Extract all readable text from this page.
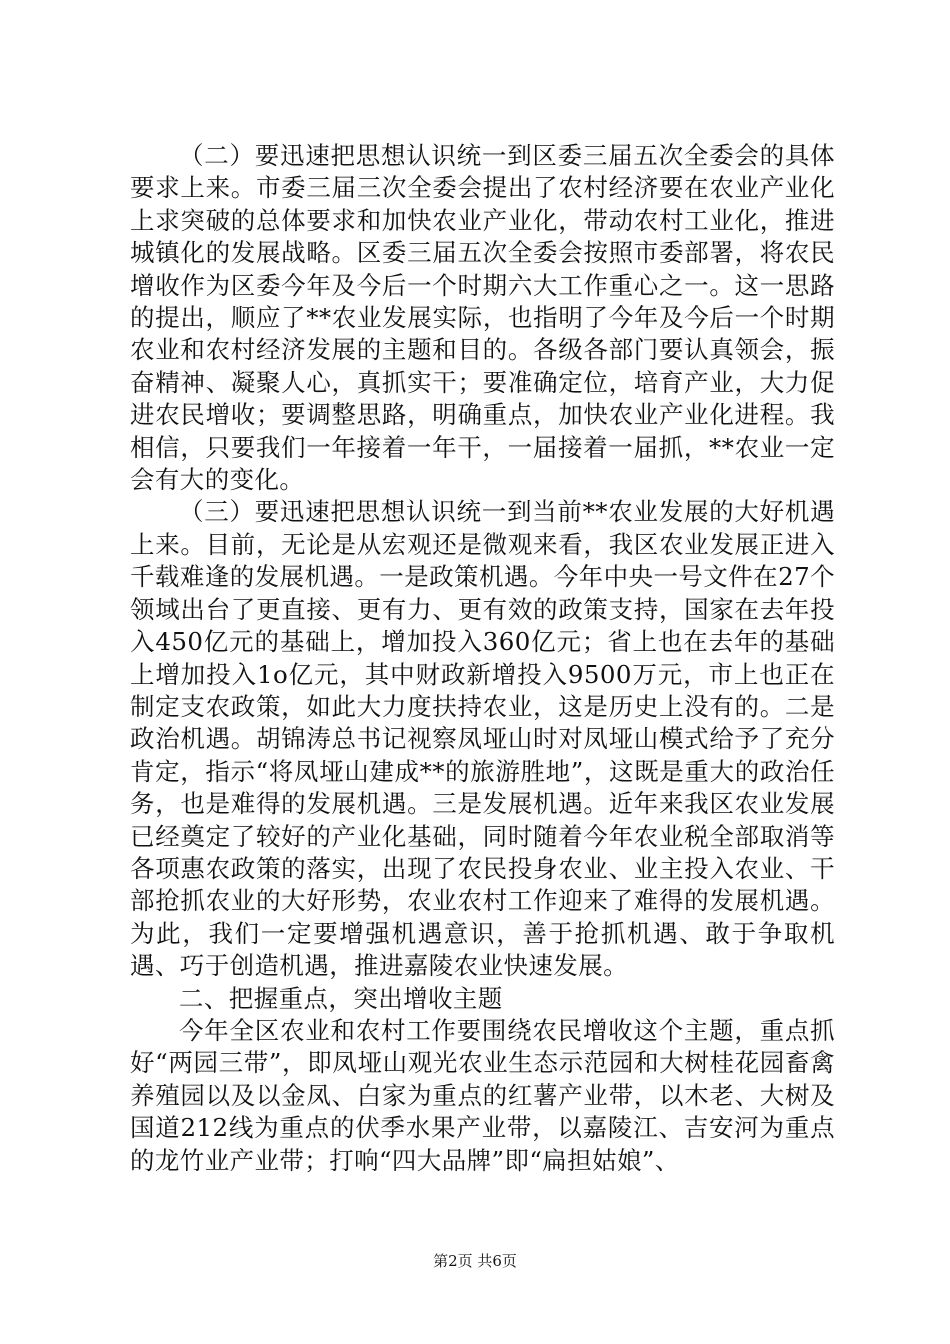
（二）要迅速把思想认识统一到区委三届五次全委会的具体要求上来。市委三届三次全委会提出了农村经济要在农业产业化上求突破的总体要求和加快农业产业化，带动农村工业化，推进城镇化的发展战略。区委三届五次全委会按照市委部署，将农民增收作为区委今年及今后一个时期六大工作重心之一。这一思路的提出，顺应了**农业发展实际，也指明了今年及今后一个时期农业和农村经济发展的主题和目的。各级各部门要认真领会，振奋精神、凝聚人心，真抓实干；要准确定位，培育产业，大力促进农民增收；要调整思路，明确重点，加快农业产业化进程。我相信，只要我们一年接着一年干，一届接着一届抓，**农业一定会有大的变化。

（三）要迅速把思想认识统一到当前**农业发展的大好机遇上来。目前，无论是从宏观还是微观来看，我区农业发展正进入千载难逢的发展机遇。一是政策机遇。今年中央一号文件在27个领域出台了更直接、更有力、更有效的政策支持，国家在去年投入450亿元的基础上，增加投入360亿元；省上也在去年的基础上增加投入1o亿元，其中财政新增投入9500万元，市上也正在制定支农政策，如此大力度扶持农业，这是历史上没有的。二是政治机遇。胡锦涛总书记视察凤垭山时对凤垭山模式给予了充分肯定，指示“将凤垭山建成**的旅游胜地”，这既是重大的政治任务，也是难得的发展机遇。三是发展机遇。近年来我区农业发展已经奠定了较好的产业化基础，同时随着今年农业税全部取消等各项惠农政策的落实，出现了农民投身农业、业主投入农业、干部抢抓农业的大好形势，农业农村工作迎来了难得的发展机遇。为此，我们一定要增强机遇意识，善于抢抓机遇、敢于争取机遇、巧于创造机遇，推进嘉陵农业快速发展。

二、把握重点，突出增收主题

今年全区农业和农村工作要围绕农民增收这个主题，重点抓好“两园三带”，即凤垭山观光农业生态示范园和大树桂花园畜禽养殖园以及以金凤、白家为重点的红薯产业带，以木老、大树及国道212线为重点的伏季水果产业带，以嘉陵江、吉安河为重点的龙竹业产业带；打响“四大品牌”即“扁担姑娘”、

第2页 共6页
